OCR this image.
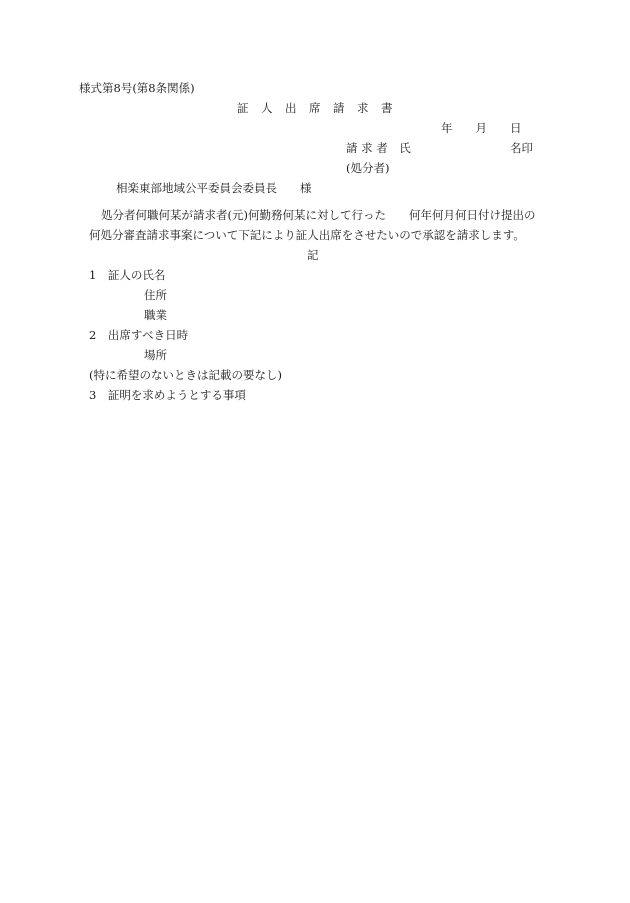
様式第8号(第8条関係)
証　人　出　席　請　求　書
年　　月　　日
請 求 者　氏	名印
(処分者)
相楽東部地域公平委員会委員長　　様
処分者何職何某が請求者(元)何勤務何某に対して行った　　何年何月何日付け提出の
何処分審査請求事案について下記により証人出席をさせたいので承認を請求します。
記
1　証人の氏名
住所
職業
2　出席すべき日時
場所
(特に希望のないときは記載の要なし)
3　証明を求めようとする事項
